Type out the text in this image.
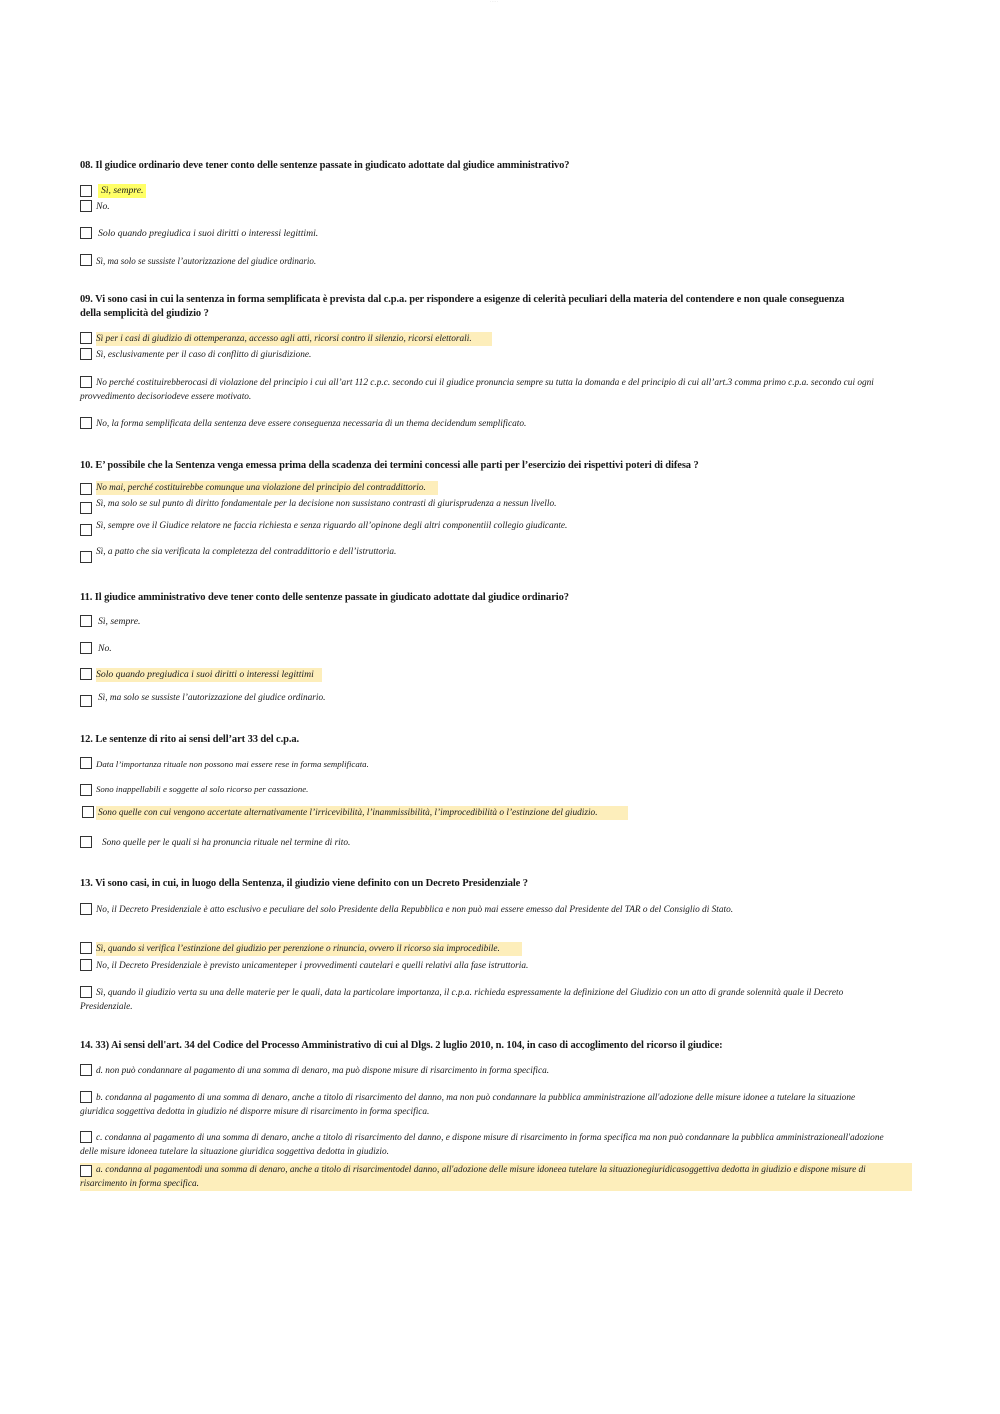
· · · · ·
08. Il giudice ordinario deve tener conto delle sentenze passate in giudicato adottate dal giudice amministrativo?
Sì, sempre.
No.
Solo quando pregiudica i suoi diritti o interessi legittimi.
Sì, ma solo se sussiste l’autorizzazione del giudice ordinario.
09. Vi sono casi in cui la sentenza in forma semplificata è prevista dal c.p.a. per rispondere a esigenze di celerità peculiari della materia del contendere e non quale conseguenza della semplicità del giudizio ?
Sì per i casi di giudizio di ottemperanza, accesso agli atti, ricorsi contro il silenzio, ricorsi elettorali.
Sì, esclusivamente per il caso di conflitto di giurisdizione.
No perché costituirebberocasi di violazione del principio i cui all’art 112 c.p.c. secondo cui il giudice pronuncia sempre su tutta la domanda e del principio di cui all’art.3 comma primo c.p.a. secondo cui ogni provvedimento decisoriodeve essere motivato.
No, la forma semplificata della sentenza deve essere conseguenza necessaria di un thema decidendum semplificato.
10. E’ possibile che la Sentenza venga emessa prima della scadenza dei termini concessi alle parti per l’esercizio dei rispettivi poteri di difesa ?
No mai, perché costituirebbe comunque una violazione del principio del contraddittorio.
Sì, ma solo se sul punto di diritto fondamentale per la decisione non sussistano contrasti di giurisprudenza a nessun livello.
Sì, sempre ove il Giudice relatore ne faccia richiesta e senza riguardo all’opinone degli altri componentiil collegio giudicante.
Sì, a patto che sia verificata la completezza del contraddittorio e dell’istruttoria.
11. Il giudice amministrativo deve tener conto delle sentenze passate in giudicato adottate dal giudice ordinario?
Sì, sempre.
No.
Solo quando pregiudica i suoi diritti o interessi legittimi
Sì, ma solo se sussiste l’autorizzazione del giudice ordinario.
12. Le sentenze di rito ai sensi dell’art 33 del c.p.a.
Data l’importanza rituale non possono mai essere rese in forma semplificata.
Sono inappellabili e soggette al solo ricorso per cassazione.
Sono quelle con cui vengono accertate alternativamente l’irricevibilità, l’inammissibilità, l’improcedibilità o l’estinzione del giudizio.
Sono quelle per le quali si ha pronuncia rituale nel termine di rito.
13. Vi sono casi, in cui, in luogo della Sentenza, il giudizio viene definito con un Decreto Presidenziale ?
No, il Decreto Presidenziale è atto esclusivo e peculiare del solo Presidente della Repubblica e non può mai essere emesso dal Presidente del TAR o del Consiglio di Stato.
Sì, quando si verifica l’estinzione del giudizio per perenzione o rinuncia, ovvero il ricorso sia improcedibile.
No, il Decreto Presidenziale è previsto unicamenteper i provvedimenti cautelari e quelli relativi alla fase istruttoria.
Sì, quando il giudizio verta su una delle materie per le quali, data la particolare importanza, il c.p.a. richieda espressamente la definizione del Giudizio con un atto di grande solennità quale il Decreto Presidenziale.
14. 33) Ai sensi dell'art. 34 del Codice del Processo Amministrativo di cui al Dlgs. 2 luglio 2010, n. 104, in caso di accoglimento del ricorso il giudice:
d. non può condannare al pagamento di una somma di denaro, ma può dispone misure di risarcimento in forma specifica.
b. condanna al pagamento di una somma di denaro, anche a titolo di risarcimento del danno, ma non può condannare la pubblica amministrazione all'adozione delle misure idonee a tutelare la situazione giuridica soggettiva dedotta in giudizio né disporre misure di risarcimento in forma specifica.
c. condanna al pagamento di una somma di denaro, anche a titolo di risarcimento del danno, e dispone misure di risarcimento in forma specifica ma non può condannare la pubblica amministrazioneall'adozione delle misure idoneea tutelare la situazione giuridica soggettiva dedotta in giudizio.
a. condanna al pagamentodi una somma di denaro, anche a titolo di risarcimentodel danno, all'adozione delle misure idoneea tutelare la situazionegiuridicasoggettiva dedotta in giudizio e dispone misure di risarcimento in forma specifica.
